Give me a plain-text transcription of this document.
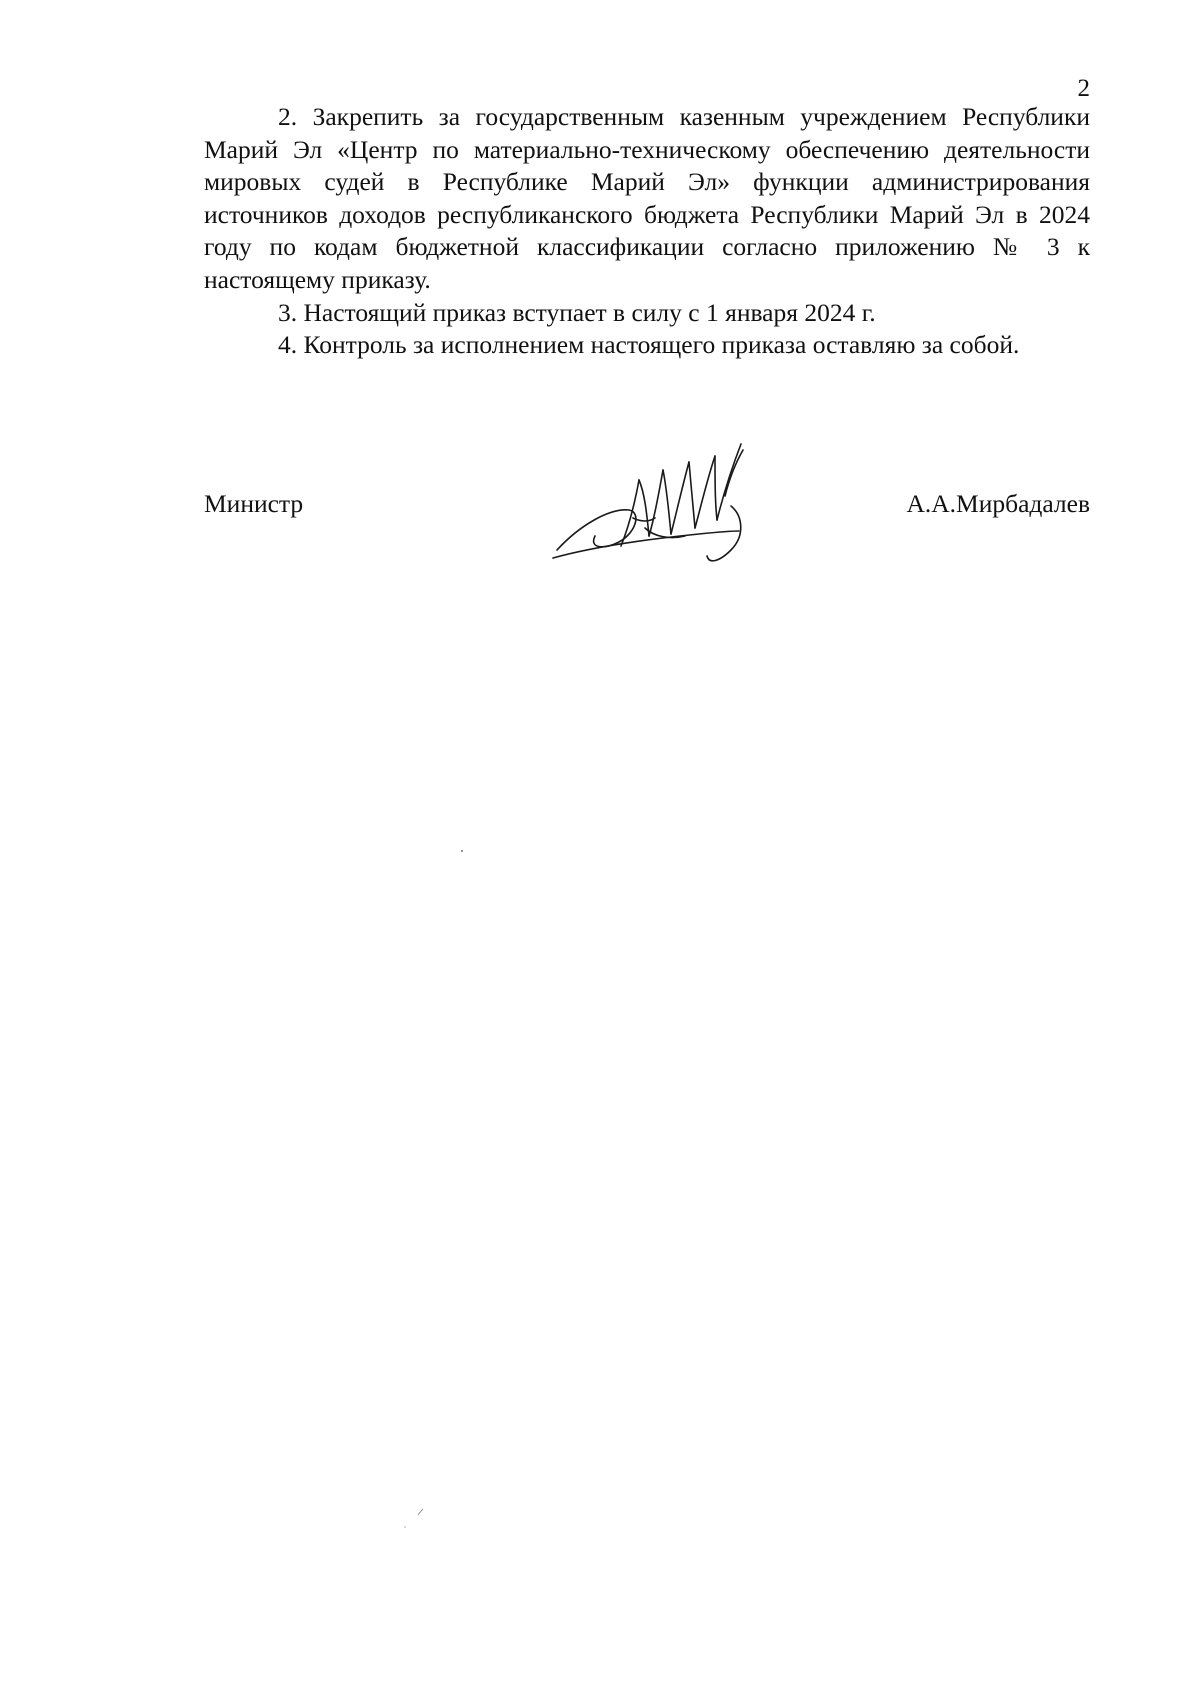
2

2. Закрепить за государственным казенным учреждением Республики Марий Эл «Центр по материально-техническому обеспечению деятельности мировых судей в Республике Марий Эл» функции администрирования источников доходов республиканского бюджета Республики Марий Эл в 2024 году по кодам бюджетной классификации согласно приложению № 3 к настоящему приказу.

3. Настоящий приказ вступает в силу с 1 января 2024 г.

4. Контроль за исполнением настоящего приказа оставляю за собой.

Министр	А.А.Мирбадалев
